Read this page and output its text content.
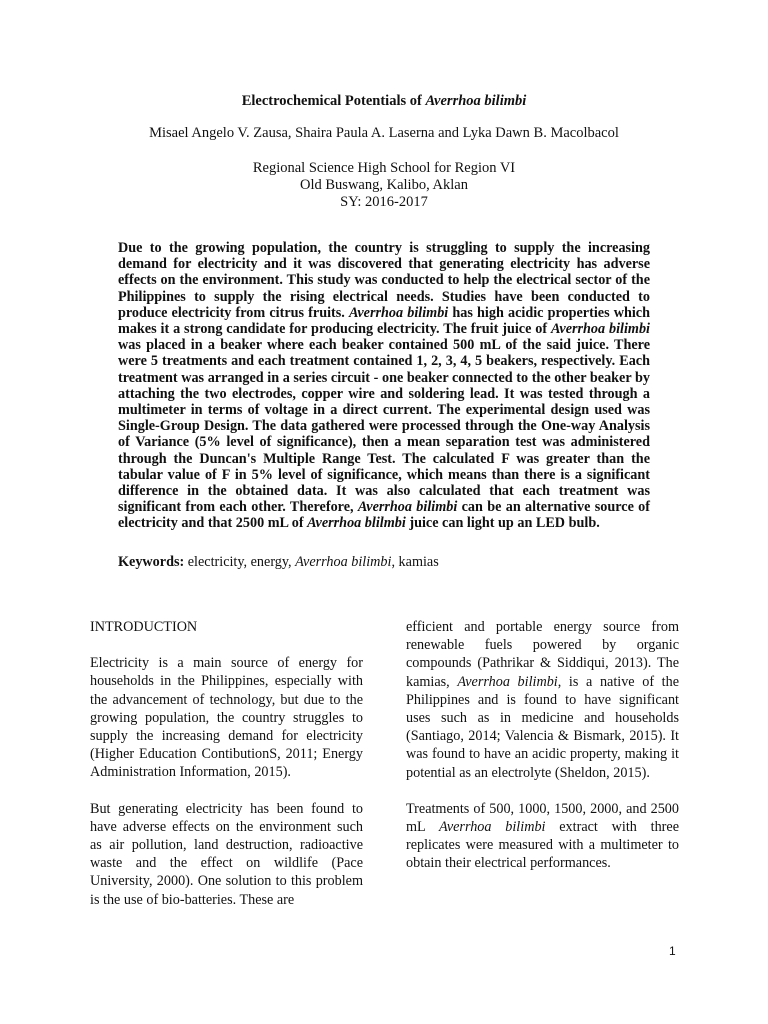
Electrochemical Potentials of Averrhoa bilimbi
Misael Angelo V. Zausa, Shaira Paula A. Laserna and Lyka Dawn B. Macolbacol
Regional Science High School for Region VI
Old Buswang, Kalibo, Aklan
SY: 2016-2017

Due to the growing population, the country is struggling to supply the increasing demand for electricity and it was discovered that generating electricity has adverse effects on the environment. This study was conducted to help the electrical sector of the Philippines to supply the rising electrical needs. Studies have been conducted to produce electricity from citrus fruits. Averrhoa bilimbi has high acidic properties which makes it a strong candidate for producing electricity. The fruit juice of Averrhoa bilimbi was placed in a beaker where each beaker contained 500 mL of the said juice. There were 5 treatments and each treatment contained 1, 2, 3, 4, 5 beakers, respectively. Each treatment was arranged in a series circuit - one beaker connected to the other beaker by attaching the two electrodes, copper wire and soldering lead. It was tested through a multimeter in terms of voltage in a direct current. The experimental design used was Single-Group Design. The data gathered were processed through the One-way Analysis of Variance (5% level of significance), then a mean separation test was administered through the Duncan's Multiple Range Test. The calculated F was greater than the tabular value of F in 5% level of significance, which means than there is a significant difference in the obtained data. It was also calculated that each treatment was significant from each other. Therefore, Averrhoa bilimbi can be an alternative source of electricity and that 2500 mL of Averrhoa blilmbi juice can light up an LED bulb.

Keywords: electricity, energy, Averrhoa bilimbi, kamias
INTRODUCTION

Electricity is a main source of energy for households in the Philippines, especially with the advancement of technology, but due to the growing population, the country struggles to supply the increasing demand for electricity (Higher Education ContibutionS, 2011; Energy Administration Information, 2015).

But generating electricity has been found to have adverse effects on the environment such as air pollution, land destruction, radioactive waste and the effect on wildlife (Pace University, 2000). One solution to this problem is the use of bio-batteries. These are

efficient and portable energy source from renewable fuels powered by organic compounds (Pathrikar & Siddiqui, 2013). The kamias, Averrhoa bilimbi, is a native of the Philippines and is found to have significant uses such as in medicine and households (Santiago, 2014; Valencia & Bismark, 2015). It was found to have an acidic property, making it potential as an electrolyte (Sheldon, 2015).

Treatments of 500, 1000, 1500, 2000, and 2500 mL Averrhoa bilimbi extract with three replicates were measured with a multimeter to obtain their electrical performances.

1
